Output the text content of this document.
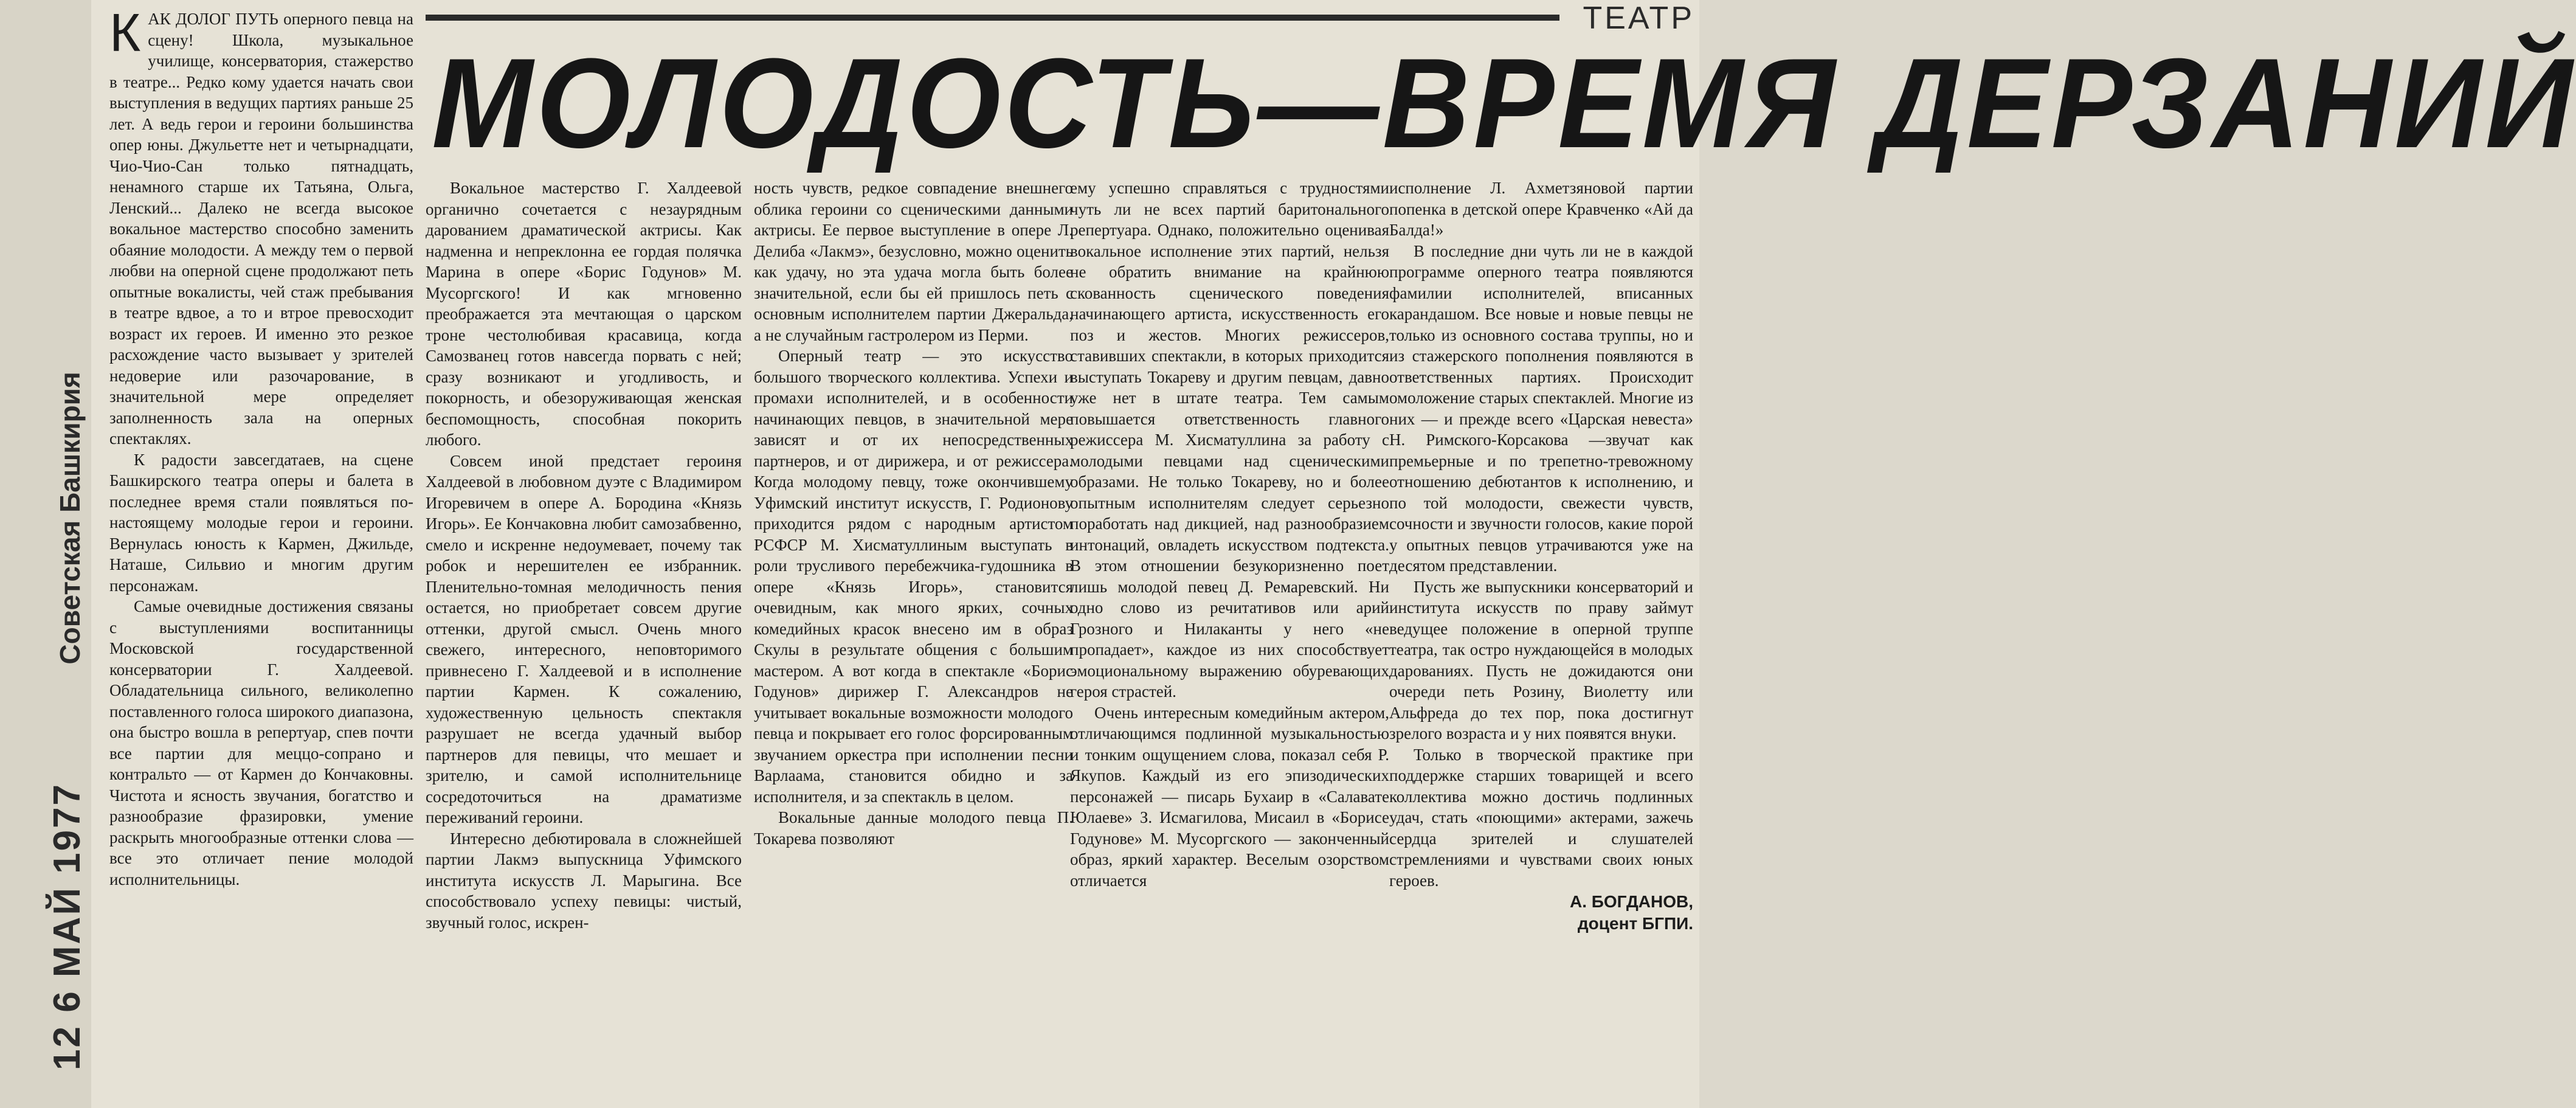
12 6 МАЙ 1977 Советская Башкирия
ТЕАТР
МОЛОДОСТЬ—ВРЕМЯ ДЕРЗАНИЙ

КАК ДОЛОГ ПУТЬ оперного певца на сцену! Школа, музыкальное училище, консерватория, стажерство в театре... Редко кому удается начать свои выступления в ведущих партиях раньше 25 лет. А ведь герои и героини большинства опер юны. Джульетте нет и четырнадцати, Чио-Чио-Сан только пятнадцать, ненамного старше их Татьяна, Ольга, Ленский... Далеко не всегда высокое вокальное мастерство способно заменить обаяние молодости. А между тем о первой любви на оперной сцене продолжают петь опытные вокалисты, чей стаж пребывания в театре вдвое, а то и втрое превосходит возраст их героев. И именно это резкое расхождение часто вызывает у зрителей недоверие или разочарование, в значительной мере определяет заполненность зала на оперных спектаклях.

К радости завсегдатаев, на сцене Башкирского театра оперы и балета в последнее время стали появляться по-настоящему молодые герои и героини. Вернулась юность к Кармен, Джильде, Наташе, Сильвио и многим другим персонажам.

Самые очевидные достижения связаны с выступлениями воспитанницы Московской государственной консерватории Г. Халдеевой. Обладательница сильного, великолепно поставленного голоса широкого диапазона, она быстро вошла в репертуар, спев почти все партии для меццо-сопрано и контральто — от Кармен до Кончаковны. Чистота и ясность звучания, богатство и разнообразие фразировки, умение раскрыть многообразные оттенки слова — все это отличает пение молодой исполнительницы.

Вокальное мастерство Г. Халдеевой органично сочетается с незаурядным дарованием драматической актрисы. Как надменна и непреклонна ее гордая полячка Марина в опере «Борис Годунов» М. Мусоргского! И как мгновенно преображается эта мечтающая о царском троне честолюбивая красавица, когда Самозванец готов навсегда порвать с ней; сразу возникают и угодливость, и покорность, и обезоруживающая женская беспомощность, способная покорить любого.

Совсем иной предстает героиня Халдеевой в любовном дуэте с Владимиром Игоревичем в опере А. Бородина «Князь Игорь». Ее Кончаковна любит самозабвенно, смело и искренне недоумевает, почему так робок и нерешителен ее избранник. Пленительно-томная мелодичность пения остается, но приобретает совсем другие оттенки, другой смысл. Очень много свежего, интересного, неповторимого привнесено Г. Халдеевой и в исполнение партии Кармен. К сожалению, художественную цельность спектакля разрушает не всегда удачный выбор партнеров для певицы, что мешает и зрителю, и самой исполнительнице сосредоточиться на драматизме переживаний героини.

Интересно дебютировала в сложнейшей партии Лакмэ выпускница Уфимского института искусств Л. Марыгина. Все способствовало успеху певицы: чистый, звучный голос, искрен-

ность чувств, редкое совпадение внешнего облика героини со сценическими данными актрисы. Ее первое выступление в опере Л. Делиба «Лакмэ», безусловно, можно оценить как удачу, но эта удача могла быть более значительной, если бы ей пришлось петь с основным исполнителем партии Джеральда, а не случайным гастролером из Перми.

Оперный театр — это искусство большого творческого коллектива. Успехи и промахи исполнителей, и в особенности начинающих певцов, в значительной мере зависят и от их непосредственных партнеров, и от дирижера, и от режиссера. Когда молодому певцу, тоже окончившему Уфимский институт искусств, Г. Родионову приходится рядом с народным артистом РСФСР М. Хисматуллиным выступать в роли трусливого перебежчика-гудошника в опере «Князь Игорь», становится очевидным, как много ярких, сочных комедийных красок внесено им в образ Скулы в результате общения с большим мастером. А вот когда в спектакле «Борис Годунов» дирижер Г. Александров не учитывает вокальные возможности молодого певца и покрывает его голос форсированным звучанием оркестра при исполнении песни Варлаама, становится обидно и за исполнителя, и за спектакль в целом.

Вокальные данные молодого певца П. Токарева позволяют

ему успешно справляться с трудностями чуть ли не всех партий баритонального репертуара. Однако, положительно оценивая вокальное исполнение этих партий, нельзя не обратить внимание на крайнюю скованность сценического поведения начинающего артиста, искусственность его поз и жестов. Многих режиссеров, ставивших спектакли, в которых приходится выступать Токареву и другим певцам, давно уже нет в штате театра. Тем самым повышается ответственность главного режиссера М. Хисматуллина за работу с молодыми певцами над сценическими образами. Не только Токареву, но и более опытным исполнителям следует серьезно поработать над дикцией, над разнообразием интонаций, овладеть искусством подтекста. В этом отношении безукоризненно поет лишь молодой певец Д. Ремаревский. Ни одно слово из речитативов или арий Грозного и Нилаканты у него «не пропадает», каждое из них способствует эмоциональному выражению обуревающих героя страстей.

Очень интересным комедийным актером, отличающимся подлинной музыкальностью и тонким ощущением слова, показал себя Р. Якупов. Каждый из его эпизодических персонажей — писарь Бухаир в «Салавате Юлаеве» З. Исмагилова, Мисаил в «Борисе Годунове» М. Мусоргского — законченный образ, яркий характер. Веселым озорством отличается

исполнение Л. Ахметзяновой партии попенка в детской опере Кравченко «Ай да Балда!»

В последние дни чуть ли не в каждой программе оперного театра появляются фамилии исполнителей, вписанных карандашом. Все новые и новые певцы не только из основного состава труппы, но и из стажерского пополнения появляются в ответственных партиях. Происходит омоложение старых спектаклей. Многие из них — и прежде всего «Царская невеста» Н. Римского-Корсакова —звучат как премьерные и по трепетно-тревожному отношению дебютантов к исполнению, и по той молодости, свежести чувств, сочности и звучности голосов, какие порой у опытных певцов утрачиваются уже на десятом представлении.

Пусть же выпускники консерваторий и института искусств по праву займут ведущее положение в оперной труппе театра, так остро нуждающейся в молодых дарованиях. Пусть не дожидаются они очереди петь Розину, Виолетту или Альфреда до тех пор, пока достигнут зрелого возраста и у них появятся внуки.

Только в творческой практике при поддержке старших товарищей и всего коллектива можно достичь подлинных удач, стать «поющими» актерами, зажечь сердца зрителей и слушателей стремлениями и чувствами своих юных героев.

А. БОГДАНОВ,
доцент БГПИ.
